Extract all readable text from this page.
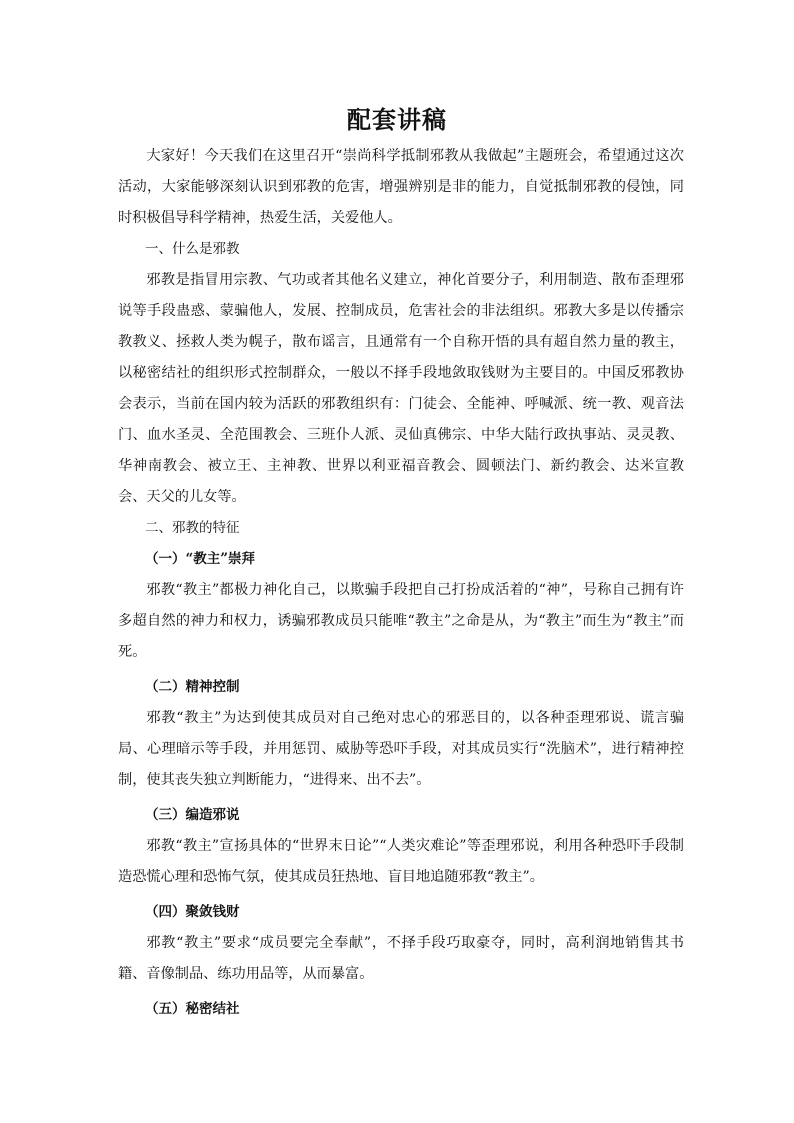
配套讲稿

大家好！今天我们在这里召开“崇尚科学抵制邪教从我做起”主题班会，希望通过这次活动，大家能够深刻认识到邪教的危害，增强辨别是非的能力，自觉抵制邪教的侵蚀，同时积极倡导科学精神，热爱生活，关爱他人。

一、什么是邪教

邪教是指冒用宗教、气功或者其他名义建立，神化首要分子，利用制造、散布歪理邪说等手段蛊惑、蒙骗他人，发展、控制成员，危害社会的非法组织。邪教大多是以传播宗教教义、拯救人类为幌子，散布谣言，且通常有一个自称开悟的具有超自然力量的教主，以秘密结社的组织形式控制群众，一般以不择手段地敛取钱财为主要目的。中国反邪教协会表示，当前在国内较为活跃的邪教组织有：门徒会、全能神、呼喊派、统一教、观音法门、血水圣灵、全范围教会、三班仆人派、灵仙真佛宗、中华大陆行政执事站、灵灵教、华神南教会、被立王、主神教、世界以利亚福音教会、圆顿法门、新约教会、达米宣教会、天父的儿女等。

二、邪教的特征

（一）“教主”崇拜

邪教“教主”都极力神化自己，以欺骗手段把自己打扮成活着的“神”，号称自己拥有许多超自然的神力和权力，诱骗邪教成员只能唯“教主”之命是从，为“教主”而生为“教主”而死。

（二）精神控制

邪教“教主”为达到使其成员对自己绝对忠心的邪恶目的，以各种歪理邪说、谎言骗局、心理暗示等手段，并用惩罚、威胁等恐吓手段，对其成员实行“洗脑术”，进行精神控制，使其丧失独立判断能力，“进得来、出不去”。

（三）编造邪说

邪教“教主”宣扬具体的“世界末日论”“人类灾难论”等歪理邪说，利用各种恐吓手段制造恐慌心理和恐怖气氛，使其成员狂热地、盲目地追随邪教“教主”。

（四）聚敛钱财

邪教“教主”要求“成员要完全奉献”，不择手段巧取豪夺，同时，高利润地销售其书籍、音像制品、练功用品等，从而暴富。

（五）秘密结社
